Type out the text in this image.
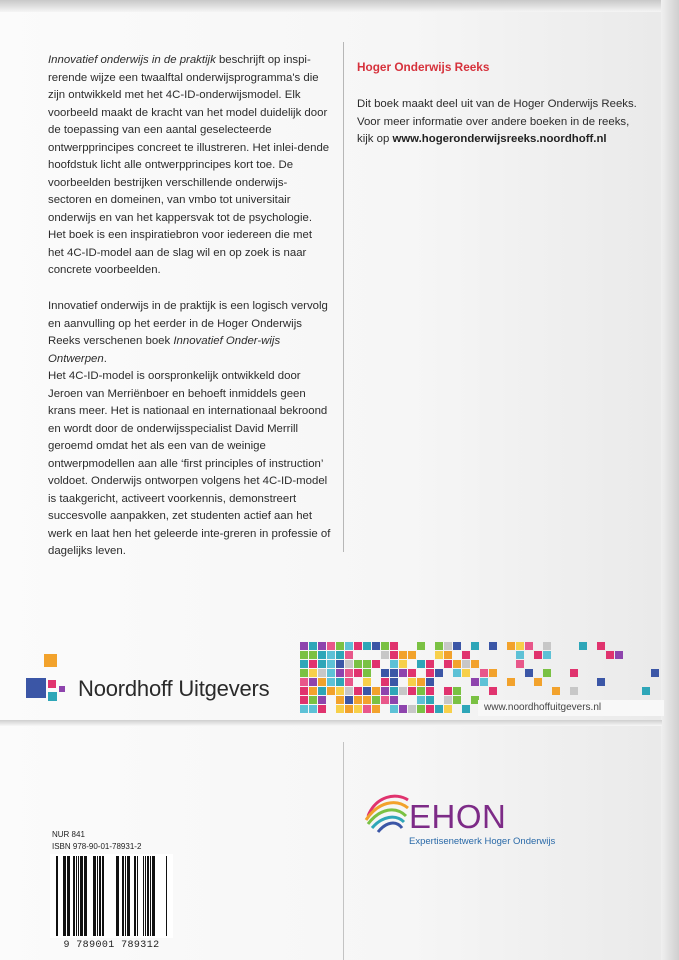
Innovatief onderwijs in de praktijk beschrijft op inspi-rerende wijze een twaalftal onderwijsprogramma's die zijn ontwikkeld met het 4C-ID-onderwijsmodel. Elk voorbeeld maakt de kracht van het model duidelijk door de toepassing van een aantal geselecteerde ontwerpprincipes concreet te illustreren. Het inlei-dende hoofdstuk licht alle ontwerpprincipes kort toe. De voorbeelden bestrijken verschillende onderwijs-sectoren en domeinen, van vmbo tot universitair onderwijs en van het kappersvak tot de psychologie. Het boek is een inspiratiebron voor iedereen die met het 4C-ID-model aan de slag wil en op zoek is naar concrete voorbeelden.

Innovatief onderwijs in de praktijk is een logisch vervolg en aanvulling op het eerder in de Hoger Onderwijs Reeks verschenen boek Innovatief Onder-wijs Ontwerpen.

Het 4C-ID-model is oorspronkelijk ontwikkeld door Jeroen van Merriënboer en behoeft inmiddels geen krans meer. Het is nationaal en internationaal bekroond en wordt door de onderwijsspecialist David Merrill geroemd omdat het als een van de weinige ontwerpmodellen aan alle ‘first principles of instruction’ voldoet. Onderwijs ontworpen volgens het 4C-ID-model is taakgericht, activeert voorkennis, demonstreert succesvolle aanpakken, zet studenten actief aan het werk en laat hen het geleerde inte-greren in professie of dagelijks leven.

Hoger Onderwijs Reeks

Dit boek maakt deel uit van de Hoger Onderwijs Reeks. Voor meer informatie over andere boeken in de reeks, kijk op www.hogeronderwijsreeks.noordhoff.nl

Noordhoff Uitgevers
www.noordhoffuitgevers.nl
NUR 841
ISBN 978-90-01-78931-2
9 789001 789312
EHON
Expertisenetwerk Hoger Onderwijs
